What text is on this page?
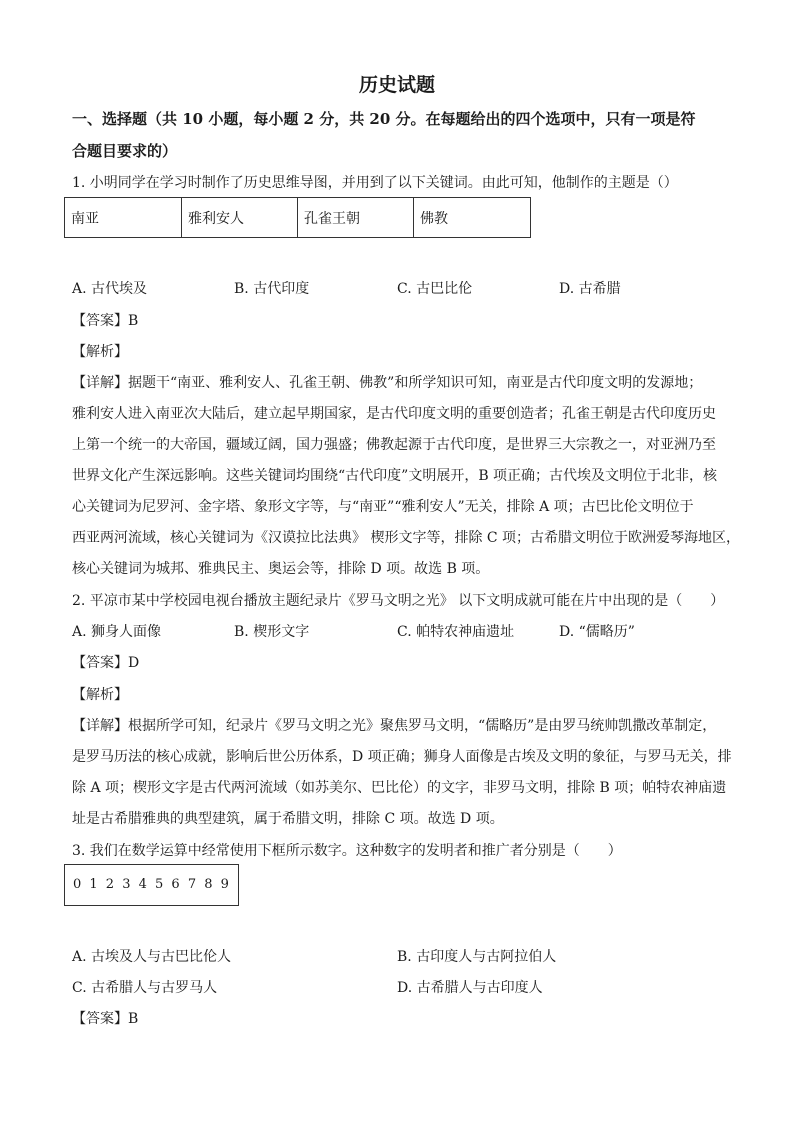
历史试题
一、选择题（共 10 小题，每小题 2 分，共 20 分。在每题给出的四个选项中，只有一项是符
合题目要求的）
1. 小明同学在学习时制作了历史思维导图，并用到了以下关键词。由此可知，他制作的主题是（）
南亚	雅利安人	孔雀王朝	佛教
A. 古代埃及	B. 古代印度	C. 古巴比伦	D. 古希腊
【答案】B
【解析】
【详解】据题干“南亚、雅利安人、孔雀王朝、佛教”和所学知识可知，南亚是古代印度文明的发源地；
雅利安人进入南亚次大陆后，建立起早期国家，是古代印度文明的重要创造者；孔雀王朝是古代印度历史
上第一个统一的大帝国，疆域辽阔，国力强盛；佛教起源于古代印度，是世界三大宗教之一，对亚洲乃至
世界文化产生深远影响。这些关键词均围绕“古代印度”文明展开，B 项正确；古代埃及文明位于北非，核
心关键词为尼罗河、金字塔、象形文字等，与“南亚”“雅利安人”无关，排除 A 项；古巴比伦文明位于
西亚两河流域，核心关键词为《汉谟拉比法典》 楔形文字等，排除 C 项；古希腊文明位于欧洲爱琴海地区，
核心关键词为城邦、雅典民主、奥运会等，排除 D 项。故选 B 项。
2. 平凉市某中学校园电视台播放主题纪录片《罗马文明之光》 以下文明成就可能在片中出现的是（　　）
A. 狮身人面像	B. 楔形文字	C. 帕特农神庙遗址	D. “儒略历”
【答案】D
【解析】
【详解】根据所学可知，纪录片《罗马文明之光》聚焦罗马文明，“儒略历”是由罗马统帅凯撒改革制定，
是罗马历法的核心成就，影响后世公历体系，D 项正确；狮身人面像是古埃及文明的象征，与罗马无关，排
除 A 项；楔形文字是古代两河流域（如苏美尔、巴比伦）的文字，非罗马文明，排除 B 项；帕特农神庙遗
址是古希腊雅典的典型建筑，属于希腊文明，排除 C 项。故选 D 项。
3. 我们在数学运算中经常使用下框所示数字。这种数字的发明者和推广者分别是（　　）
0 1 2 3 4 5 6 7 8 9
A. 古埃及人与古巴比伦人	B. 古印度人与古阿拉伯人
C. 古希腊人与古罗马人	D. 古希腊人与古印度人
【答案】B
